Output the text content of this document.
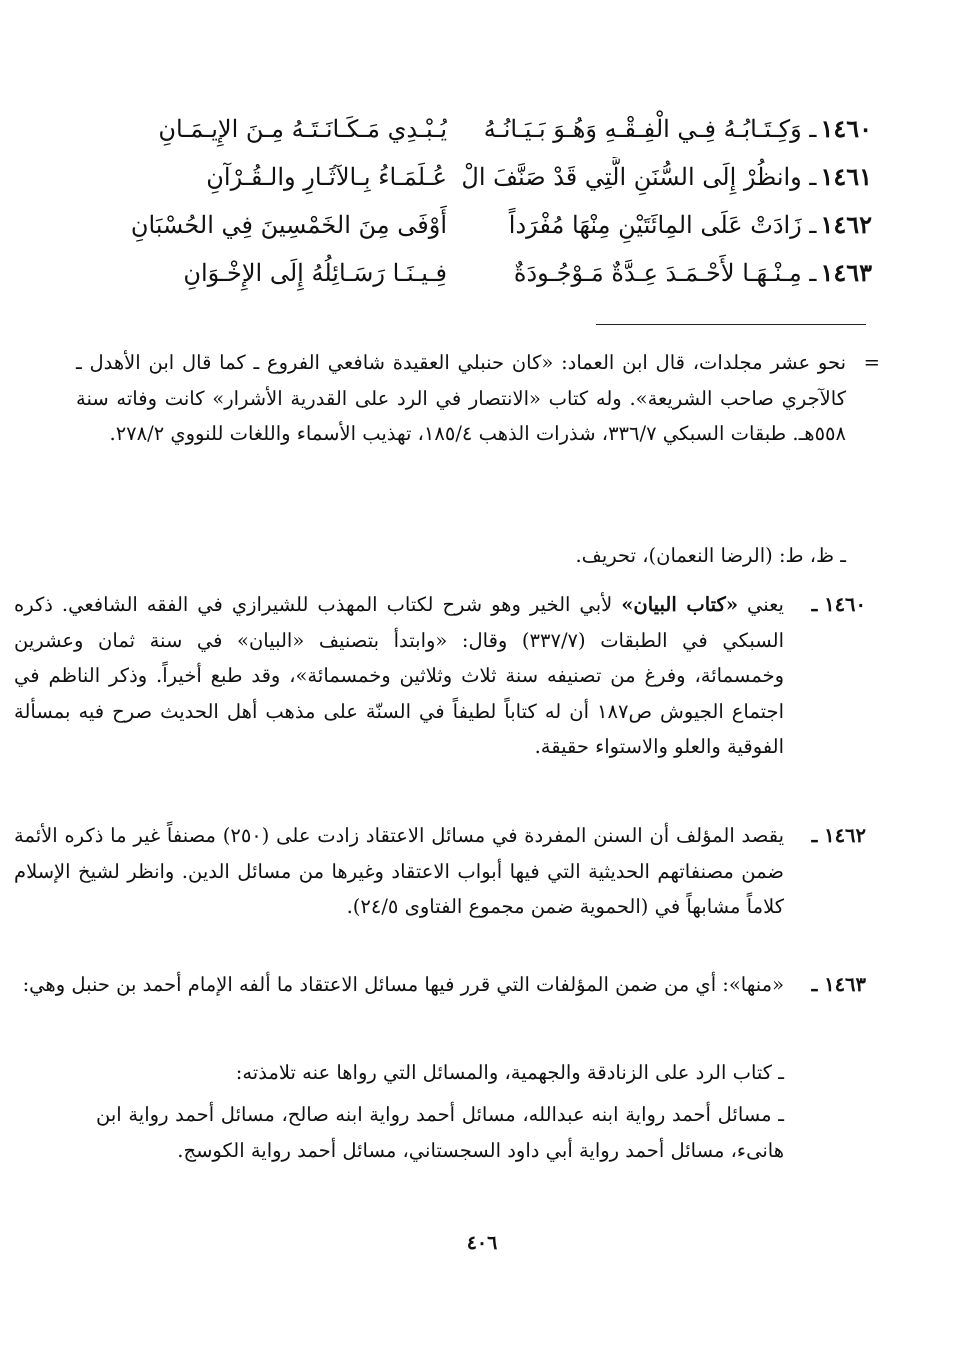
١٤٦٠ـ وَكِـتَـابُـهُ فِـي الْفِـقْـهِ وَهُـوَ بَـيَـانُـهُ
يُـبْـدِي مَـكَـانَـتَـهُ مِـنَ الإِيـمَـانِ
١٤٦١ـ وانظُرْ إِلَى السُّنَنِ الَّتِي قَدْ صَنَّفَ الْ
عُـلَمَـاءُ بِـالآثَـارِ والـقُـرْآنِ
١٤٦٢ـ زَادَتْ عَلَى المِائَتَيْنِ مِنْهَا مُفْرَداً
أَوْفَى مِنَ الخَمْسِينَ فِي الحُسْبَانِ
١٤٦٣ـ مِـنْـهَـا لأَحْـمَـدَ عِـدَّةٌ مَـوْجُـودَةٌ
فِـيـنَـا رَسَـائِلُهُ إِلَى الإِخْـوَانِ
=
نحو عشر مجلدات، قال ابن العماد: «كان حنبلي العقيدة شافعي الفروع ـ كما قال ابن الأهدل ـ كالآجري صاحب الشريعة». وله كتاب «الانتصار في الرد على القدرية الأشرار» كانت وفاته سنة ٥٥٨هـ. طبقات السبكي ٣٣٦/٧، شذرات الذهب ١٨٥/٤، تهذيب الأسماء واللغات للنووي ٢٧٨/٢.
ـ ظ، ط: (الرضا النعمان)، تحريف.
١٤٦٠ ـ
يعني «كتاب البيان» لأبي الخير وهو شرح لكتاب المهذب للشيرازي في الفقه الشافعي. ذكره السبكي في الطبقات (٣٣٧/٧) وقال: «وابتدأ بتصنيف «البيان» في سنة ثمان وعشرين وخمسمائة، وفرغ من تصنيفه سنة ثلاث وثلاثين وخمسمائة»، وقد طبع أخيراً. وذكر الناظم في اجتماع الجيوش ص١٨٧ أن له كتاباً لطيفاً في السنّة على مذهب أهل الحديث صرح فيه بمسألة الفوقية والعلو والاستواء حقيقة.
١٤٦٢ ـ
يقصد المؤلف أن السنن المفردة في مسائل الاعتقاد زادت على (٢٥٠) مصنفاً غير ما ذكره الأئمة ضمن مصنفاتهم الحديثية التي فيها أبواب الاعتقاد وغيرها من مسائل الدين. وانظر لشيخ الإسلام كلاماً مشابهاً في (الحموية ضمن مجموع الفتاوى ٢٤/٥).
١٤٦٣ ـ
«منها»: أي من ضمن المؤلفات التي قرر فيها مسائل الاعتقاد ما ألفه الإمام أحمد بن حنبل وهي:
ـ كتاب الرد على الزنادقة والجهمية، والمسائل التي رواها عنه تلامذته:
ـ مسائل أحمد رواية ابنه عبدالله، مسائل أحمد رواية ابنه صالح، مسائل أحمد رواية ابن هانىء، مسائل أحمد رواية أبي داود السجستاني، مسائل أحمد رواية الكوسج.
٤٠٦
